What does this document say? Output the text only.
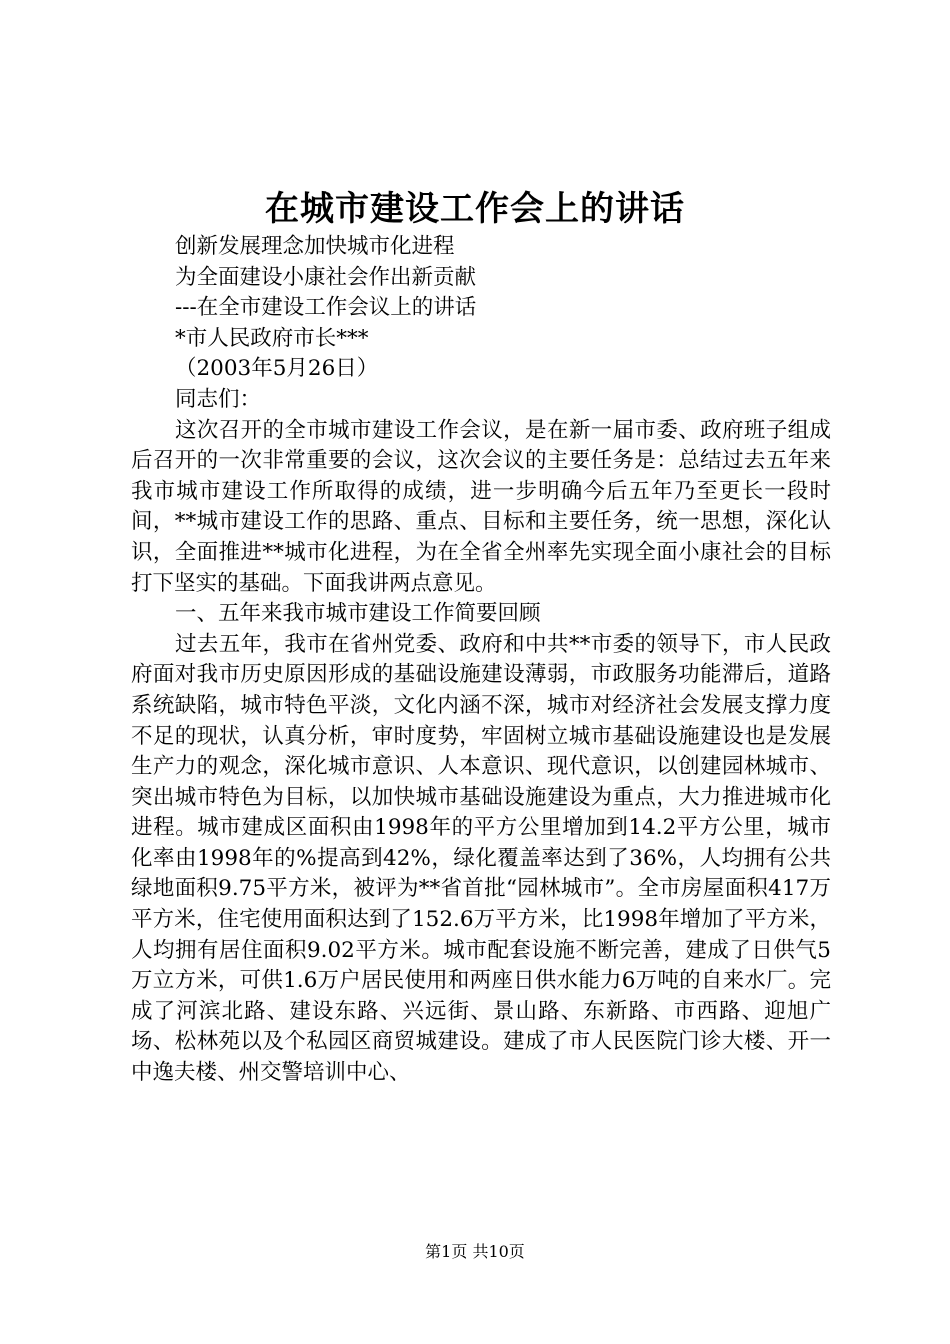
在城市建设工作会上的讲话
创新发展理念加快城市化进程
为全面建设小康社会作出新贡献
---在全市建设工作会议上的讲话
*市人民政府市长***
（2003年5月26日）
同志们：

这次召开的全市城市建设工作会议，是在新一届市委、政府班子组成后召开的一次非常重要的会议，这次会议的主要任务是：总结过去五年来我市城市建设工作所取得的成绩，进一步明确今后五年乃至更长一段时间，**城市建设工作的思路、重点、目标和主要任务，统一思想，深化认识，全面推进**城市化进程，为在全省全州率先实现全面小康社会的目标打下坚实的基础。下面我讲两点意见。

一、五年来我市城市建设工作简要回顾

过去五年，我市在省州党委、政府和中共**市委的领导下，市人民政府面对我市历史原因形成的基础设施建设薄弱，市政服务功能滞后，道路系统缺陷，城市特色平淡，文化内涵不深，城市对经济社会发展支撑力度不足的现状，认真分析，审时度势，牢固树立城市基础设施建设也是发展生产力的观念，深化城市意识、人本意识、现代意识，以创建园林城市、突出城市特色为目标，以加快城市基础设施建设为重点，大力推进城市化进程。城市建成区面积由1998年的平方公里增加到14.2平方公里，城市化率由1998年的%提高到42%，绿化覆盖率达到了36%，人均拥有公共绿地面积9.75平方米，被评为**省首批“园林城市”。全市房屋面积417万平方米，住宅使用面积达到了152.6万平方米，比1998年增加了平方米，人均拥有居住面积9.02平方米。城市配套设施不断完善，建成了日供气5万立方米，可供1.6万户居民使用和两座日供水能力6万吨的自来水厂。完成了河滨北路、建设东路、兴远街、景山路、东新路、市西路、迎旭广场、松林苑以及个私园区商贸城建设。建成了市人民医院门诊大楼、开一中逸夫楼、州交警培训中心、

第1页 共10页
